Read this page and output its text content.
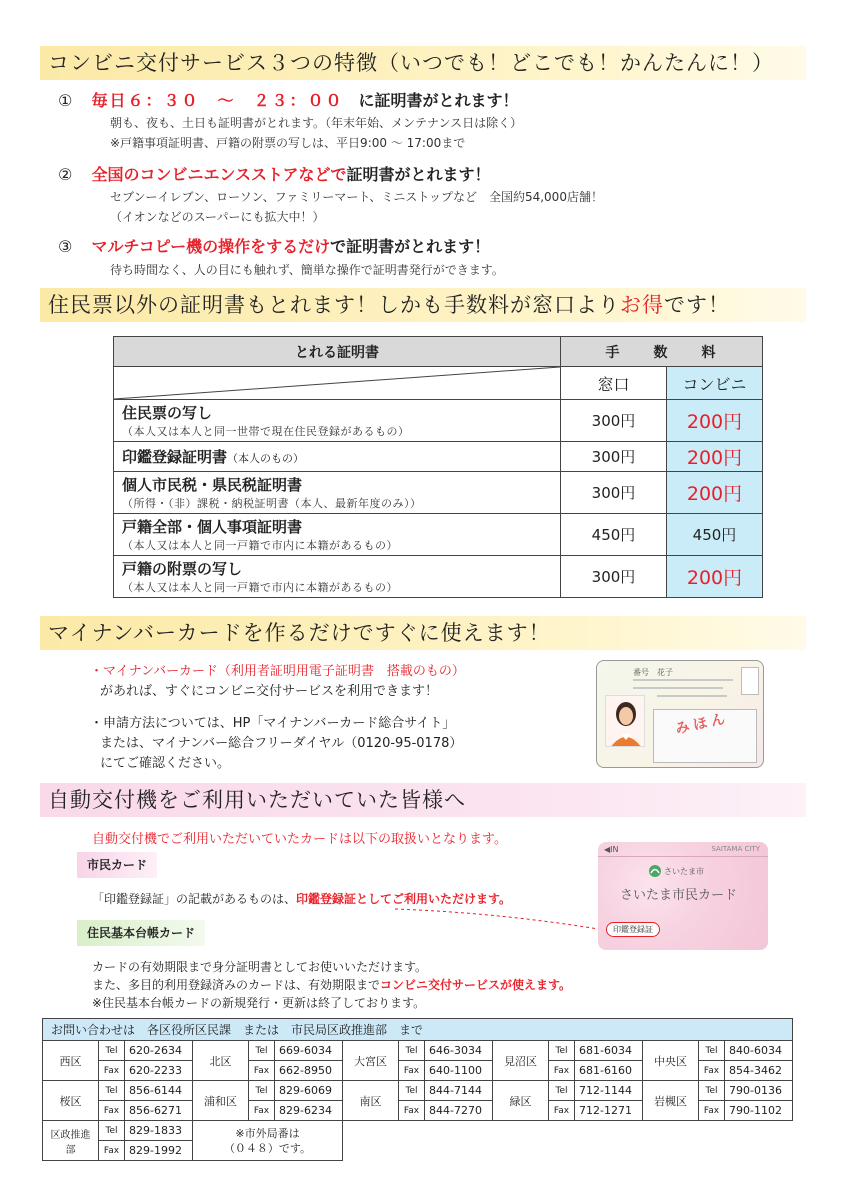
コンビニ交付サービス３つの特徴（いつでも！どこでも！かんたんに！）
① 毎日６：３０　～　２３：００ に証明書がとれます！
朝も、夜も、土日も証明書がとれます。（年末年始、メンテナンス日は除く）
※戸籍事項証明書、戸籍の附票の写しは、平日9:00 ～ 17:00まで
② 全国のコンビニエンスストアなどで証明書がとれます！
セブンーイレブン、ローソン、ファミリーマート、ミニストップなど　全国約54,000店舗！
（イオンなどのスーパーにも拡大中！）
③ マルチコピー機の操作をするだけで証明書がとれます！
待ち時間なく、人の目にも触れず、簡単な操作で証明書発行ができます。
住民票以外の証明書もとれます！しかも手数料が窓口よりお得です！
とれる証明書	手　　数　　料	

	窓口	コンビニ

住民票の写し
（本人又は本人と同一世帯で現在住民登録があるもの）	300円	200円
印鑑登録証明書（本人のもの）	300円	200円

個人市民税・県民税証明書
（所得・（非）課税・納税証明書（本人、最新年度のみ））	300円	200円

戸籍全部・個人事項証明書
（本人又は本人と同一戸籍で市内に本籍があるもの）	450円	450円

戸籍の附票の写し
（本人又は本人と同一戸籍で市内に本籍があるもの）	300円	200円
マイナンバーカードを作るだけですぐに使えます！
・マイナンバーカード（利用者証明用電子証明書　搭載のもの）
があれば、すぐにコンビニ交付サービスを利用できます！
・申請方法については、HP「マイナンバーカード総合サイト」
または、マイナンバー総合フリーダイヤル（0120-95-0178）
にてご確認ください。
番号　花子
みほん
自動交付機をご利用いただいていた皆様へ
自動交付機でご利用いただいていたカードは以下の取扱いとなります。
市民カード
「印鑑登録証」の記載があるものは、印鑑登録証としてご利用いただけます。
住民基本台帳カード
◀IN	SAITAMA CITY
さいたま市
さいたま市民カード
印鑑登録証
カードの有効期限まで身分証明書としてお使いいただけます。
また、多目的利用登録済みのカードは、有効期限までコンビニ交付サービスが使えます。
※住民基本台帳カードの新規発行・更新は終了しております。
お問い合わせは　各区役所区民課　または　市民局区政推進部　まで														
西区	Tel	620-2634	北区	Tel	669-6034	大宮区	Tel	646-3034	見沼区	Tel	681-6034	中央区	Tel	840-6034
	Fax	620-2233		Fax	662-8950		Fax	640-1100		Fax	681-6160		Fax	854-3462
桜区	Tel	856-6144	浦和区	Tel	829-6069	南区	Tel	844-7144	緑区	Tel	712-1144	岩槻区	Tel	790-0136
	Fax	856-6271		Fax	829-6234		Fax	844-7270		Fax	712-1271		Fax	790-1102
区政推進部	Tel	829-1833	※市外局番は
（０４８）です。											

	Fax	829-1992												
